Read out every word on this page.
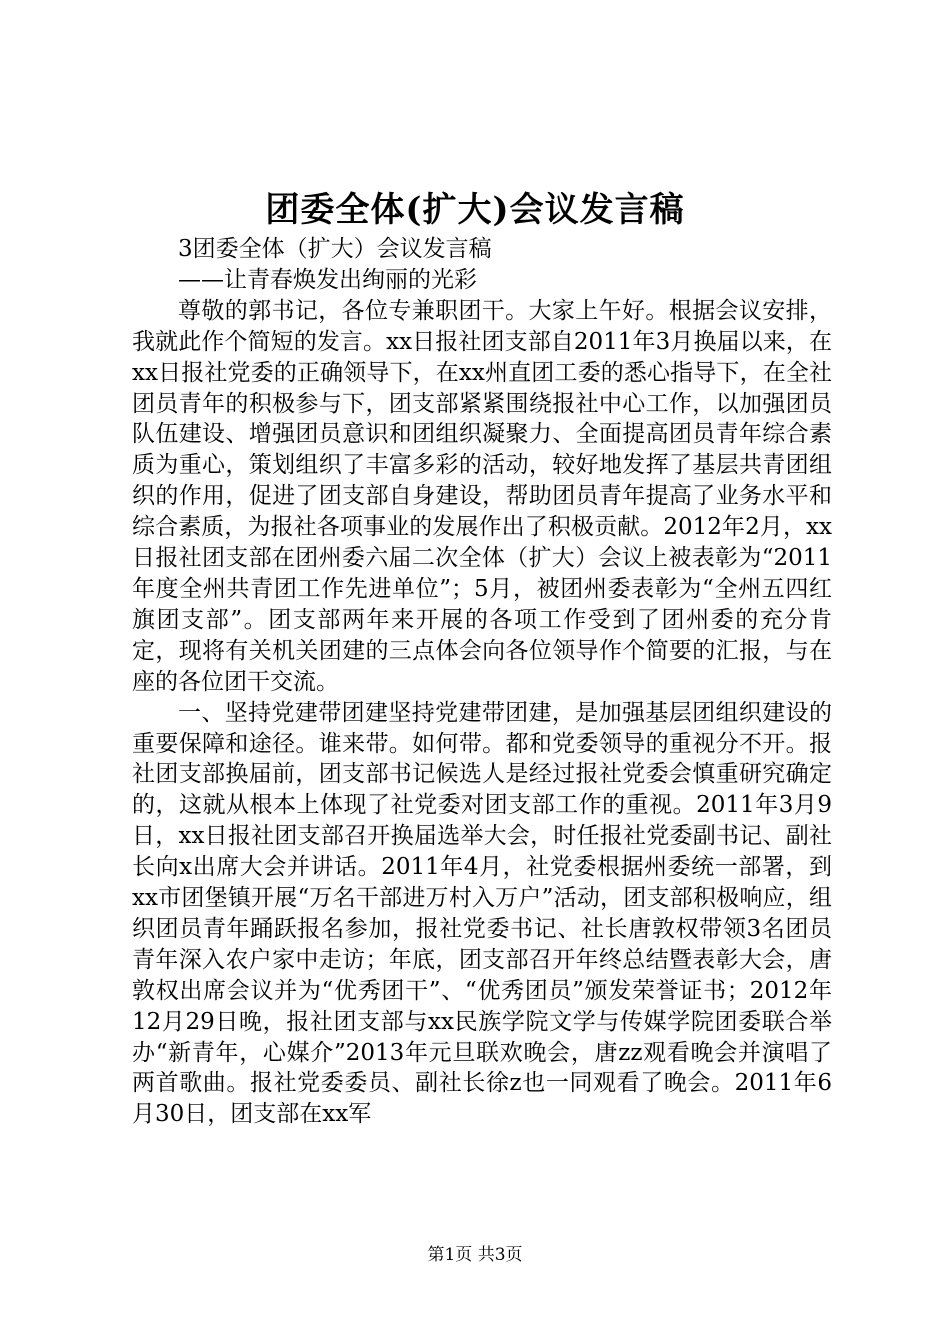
团委全体(扩大)会议发言稿

3团委全体（扩大）会议发言稿

——让青春焕发出绚丽的光彩

尊敬的郭书记，各位专兼职团干。大家上午好。根据会议安排，我就此作个简短的发言。xx日报社团支部自2011年3月换届以来，在xx日报社党委的正确领导下，在xx州直团工委的悉心指导下，在全社团员青年的积极参与下，团支部紧紧围绕报社中心工作，以加强团员队伍建设、增强团员意识和团组织凝聚力、全面提高团员青年综合素质为重心，策划组织了丰富多彩的活动，较好地发挥了基层共青团组织的作用，促进了团支部自身建设，帮助团员青年提高了业务水平和综合素质，为报社各项事业的发展作出了积极贡献。2012年2月，xx日报社团支部在团州委六届二次全体（扩大）会议上被表彰为“2011年度全州共青团工作先进单位”；5月，被团州委表彰为“全州五四红旗团支部”。团支部两年来开展的各项工作受到了团州委的充分肯定，现将有关机关团建的三点体会向各位领导作个简要的汇报，与在座的各位团干交流。

一、坚持党建带团建坚持党建带团建，是加强基层团组织建设的重要保障和途径。谁来带。如何带。都和党委领导的重视分不开。报社团支部换届前，团支部书记候选人是经过报社党委会慎重研究确定的，这就从根本上体现了社党委对团支部工作的重视。2011年3月9日，xx日报社团支部召开换届选举大会，时任报社党委副书记、副社长向x出席大会并讲话。2011年4月，社党委根据州委统一部署，到xx市团堡镇开展“万名干部进万村入万户”活动，团支部积极响应，组织团员青年踊跃报名参加，报社党委书记、社长唐敦权带领3名团员青年深入农户家中走访；年底，团支部召开年终总结暨表彰大会，唐敦权出席会议并为“优秀团干”、“优秀团员”颁发荣誉证书；2012年12月29日晚，报社团支部与xx民族学院文学与传媒学院团委联合举办“新青年，心媒介”2013年元旦联欢晚会，唐zz观看晚会并演唱了两首歌曲。报社党委委员、副社长徐z也一同观看了晚会。2011年6月30日，团支部在xx军

第1页 共3页
